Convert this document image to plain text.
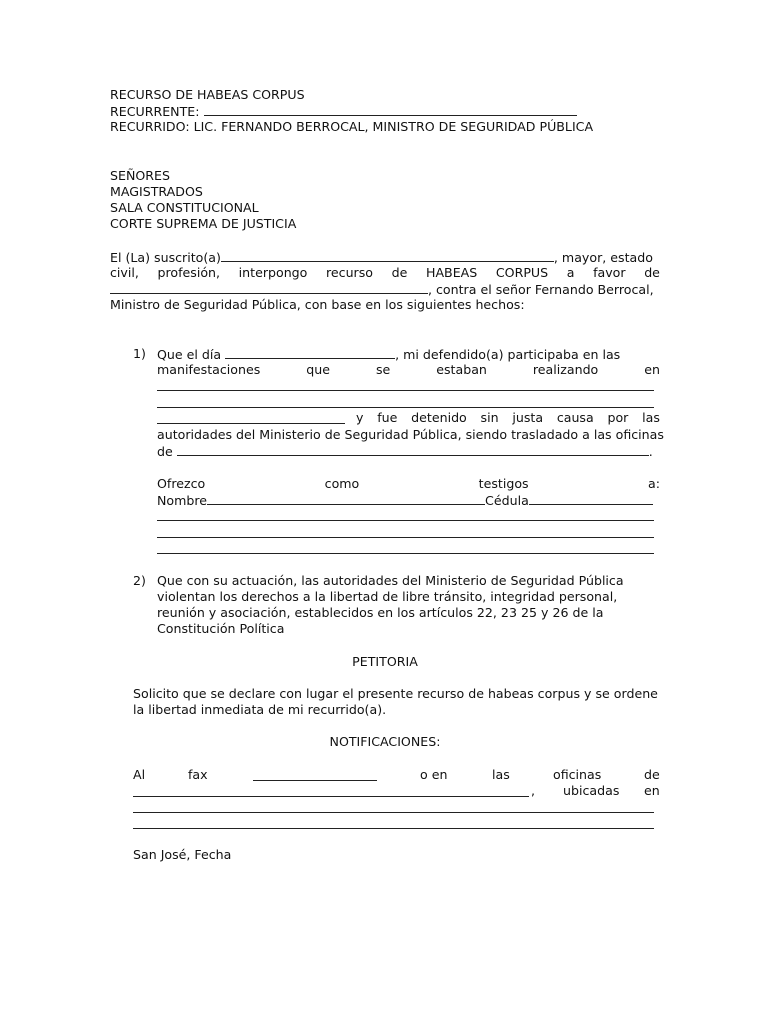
RECURSO DE HABEAS CORPUS
RECURRENTE:
RECURRIDO: LIC. FERNANDO BERROCAL, MINISTRO DE SEGURIDAD PÚBLICA
SEÑORES
MAGISTRADOS
SALA CONSTITUCIONAL
CORTE SUPREMA DE JUSTICIA
El (La) suscrito(a)	, mayor, estado
civil, profesión, interpongo recurso de HABEAS CORPUS a favor de
, contra el señor Fernando Berrocal,
Ministro de Seguridad Pública, con base en los siguientes hechos:
1) Que el día	, mi defendido(a) participaba en las
manifestaciones	que	se	estaban	realizando	en
y fue detenido sin justa causa por las
autoridades del Ministerio de Seguridad Pública, siendo trasladado a las oficinas
de	.
Ofrezco	como	testigos	a:
Nombre	Cédula
2) Que con su actuación, las autoridades del Ministerio de Seguridad Pública
violentan los derechos a la libertad de libre tránsito, integridad personal,
reunión y asociación, establecidos en los artículos 22, 23 25 y 26 de la
Constitución Política
PETITORIA
Solicito que se declare con lugar el presente recurso de habeas corpus y se ordene
la libertad inmediata de mi recurrido(a).
NOTIFICACIONES:
Al	fax	o en	las	oficinas	de
, ubicadas en
San José, Fecha
